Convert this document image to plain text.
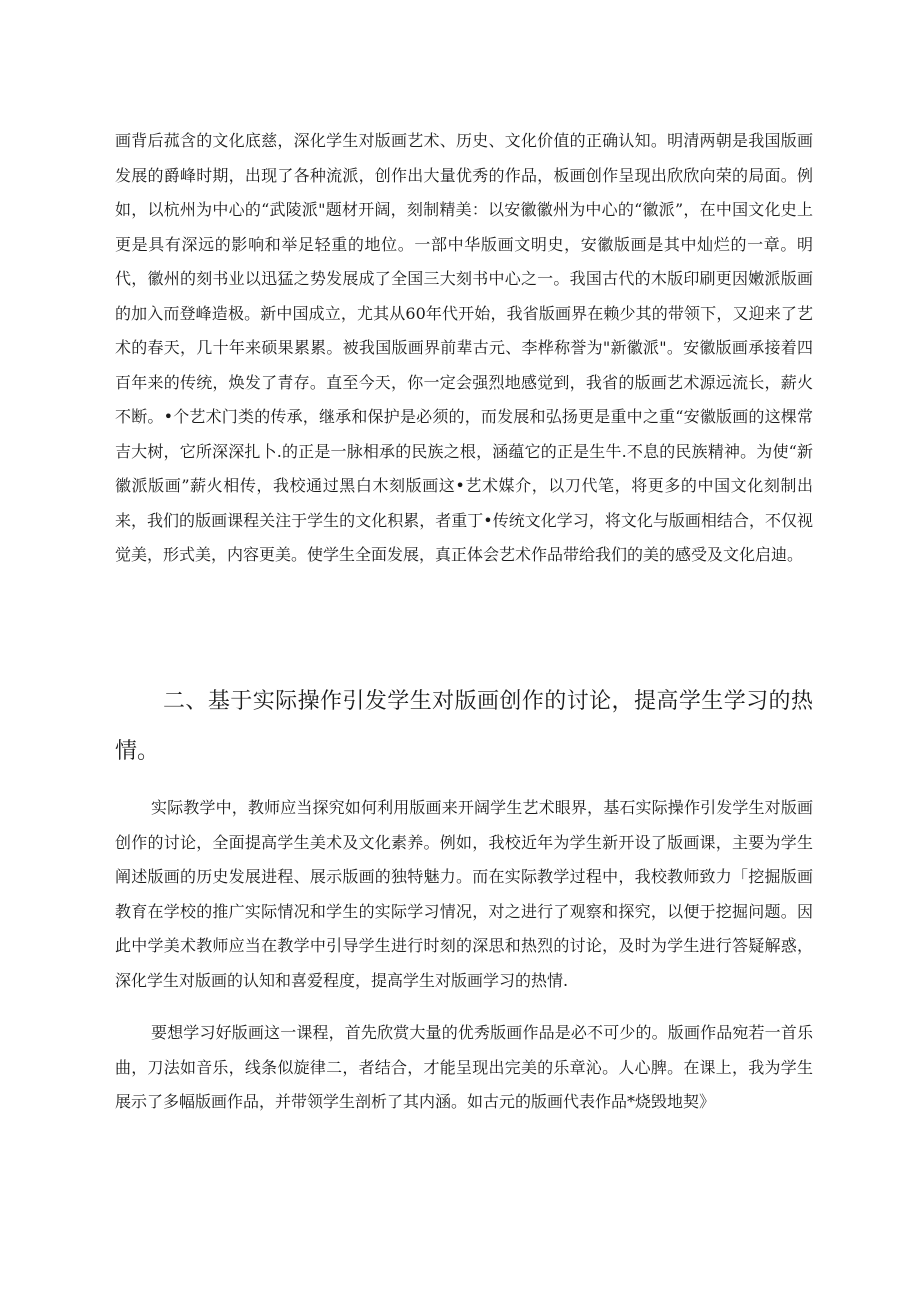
画背后菰含的文化底慈，深化学生对版画艺术、历史、文化价值的正确认知。明清两朝是我国版画发展的爵峰时期，出现了各种流派，创作出大量优秀的作品，板画创作呈现出欣欣向荣的局面。例如，以杭州为中心的“武陵派"题材开阔，刻制精美：以安徽徽州为中心的“徽派”，在中国文化史上更是具有深远的影响和举足轻重的地位。一部中华版画文明史，安徽版画是其中灿烂的一章。明代，徽州的刻书业以迅猛之势发展成了全国三大刻书中心之一。我国古代的木版印刷更因嫩派版画的加入而登峰造极。新中国成立，尤其从60年代开始，我省版画界在赖少其的带领下，又迎来了艺术的春天，几十年来硕果累累。被我国版画界前辈古元、李桦称誉为"新徽派"。安徽版画承接着四百年来的传统，焕发了青存。直至今天，你一定会强烈地感觉到，我省的版画艺术源远流长，薪火不断。•个艺术门类的传承，继承和保护是必须的，而发展和弘扬更是重中之重“安徽版画的这棵常吉大树，它所深深扎卜.的正是一脉相承的民族之根，涵蕴它的正是生牛.不息的民族精神。为使“新徽派版画”薪火相传，我校通过黑白木刻版画这•艺术媒介，以刀代笔，将更多的中国文化刻制出来，我们的版画课程关注于学生的文化积累，者重丁•传统文化学习，将文化与版画相结合，不仅视觉美，形式美，内容更美。使学生全面发展，真正体会艺术作品带给我们的美的感受及文化启迪。

二、基于实际操作引发学生对版画创作的讨论，提高学生学习的热情。

实际教学中，教师应当探究如何利用版画来开阔学生艺术眼界，基石实际操作引发学生对版画创作的讨论，全面提高学生美术及文化素养。例如，我校近年为学生新开设了版画课，主要为学生阐述版画的历史发展进程、展示版画的独特魅力。而在实际教学过程中，我校教师致力「挖掘版画教育在学校的推广实际情况和学生的实际学习情况，对之进行了观察和探究，以便于挖掘问题。因此中学美术教师应当在教学中引导学生进行时刻的深思和热烈的讨论，及时为学生进行答疑解惑，深化学生对版画的认知和喜爱程度，提高学生对版画学习的热情.

要想学习好版画这一课程，首先欣赏大量的优秀版画作品是必不可少的。版画作品宛若一首乐曲，刀法如音乐，线条似旋律二，者结合，才能呈现出完美的乐章沁。人心脾。在课上，我为学生展示了多幅版画作品，并带领学生剖析了其内涵。如古元的版画代表作品*烧毁地契》
